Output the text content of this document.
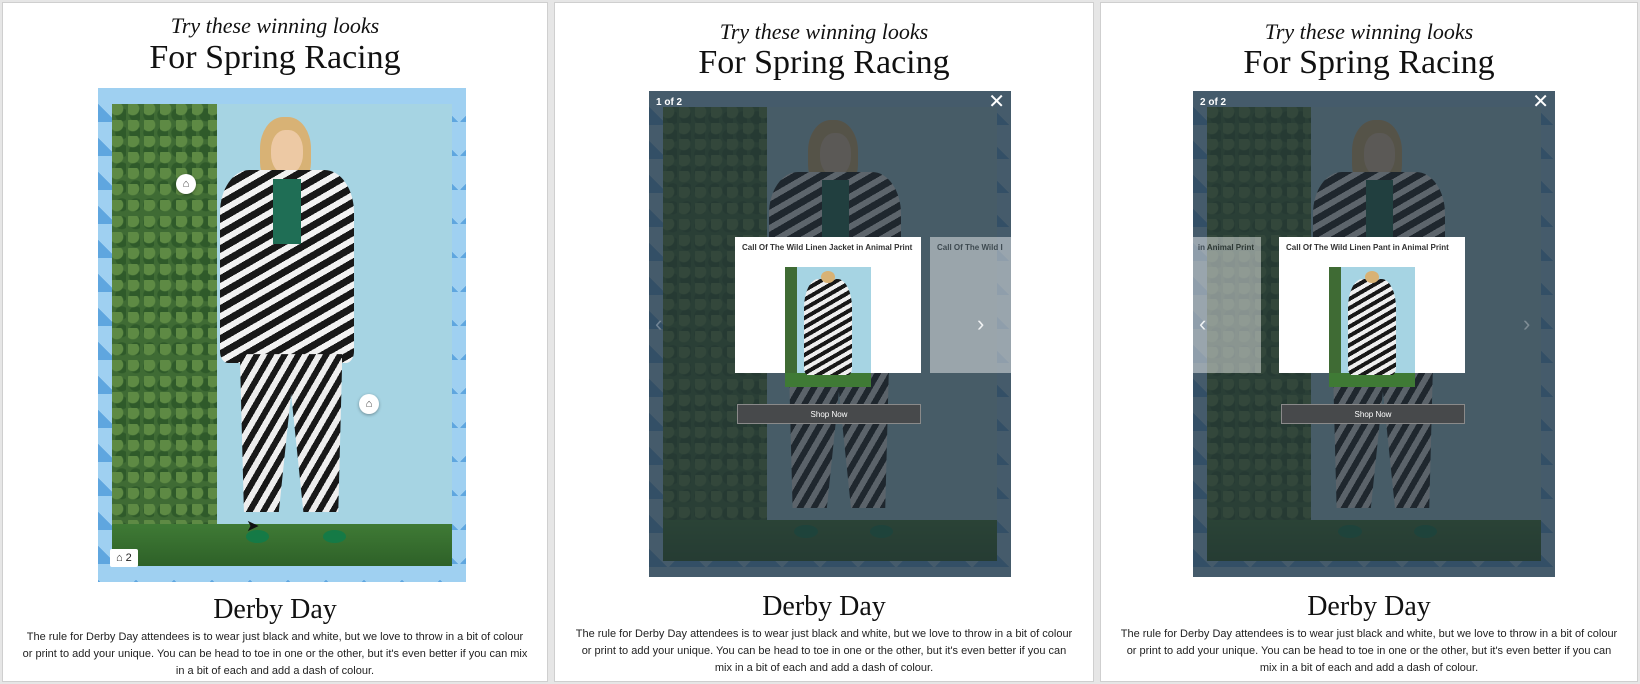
Try these winning looks
For Spring Racing
⌂
⌂
⌂ 2
➤
Derby Day
The rule for Derby Day attendees is to wear just black and white, but we love to throw in a bit of colour or print to add your unique. You can be head to toe in one or the other, but it's even better if you can mix in a bit of each and add a dash of colour.
Try these winning looks
For Spring Racing
1 of 2	✕
‹
Call Of The Wild Linen Jacket in Animal Print
Shop Now
Call Of The Wild I
›
Derby Day
The rule for Derby Day attendees is to wear just black and white, but we love to throw in a bit of colour or print to add your unique. You can be head to toe in one or the other, but it's even better if you can mix in a bit of each and add a dash of colour.
Try these winning looks
For Spring Racing
2 of 2	✕
in Animal Print
‹
Call Of The Wild Linen Pant in Animal Print
Shop Now
›
Derby Day
The rule for Derby Day attendees is to wear just black and white, but we love to throw in a bit of colour or print to add your unique. You can be head to toe in one or the other, but it's even better if you can mix in a bit of each and add a dash of colour.
